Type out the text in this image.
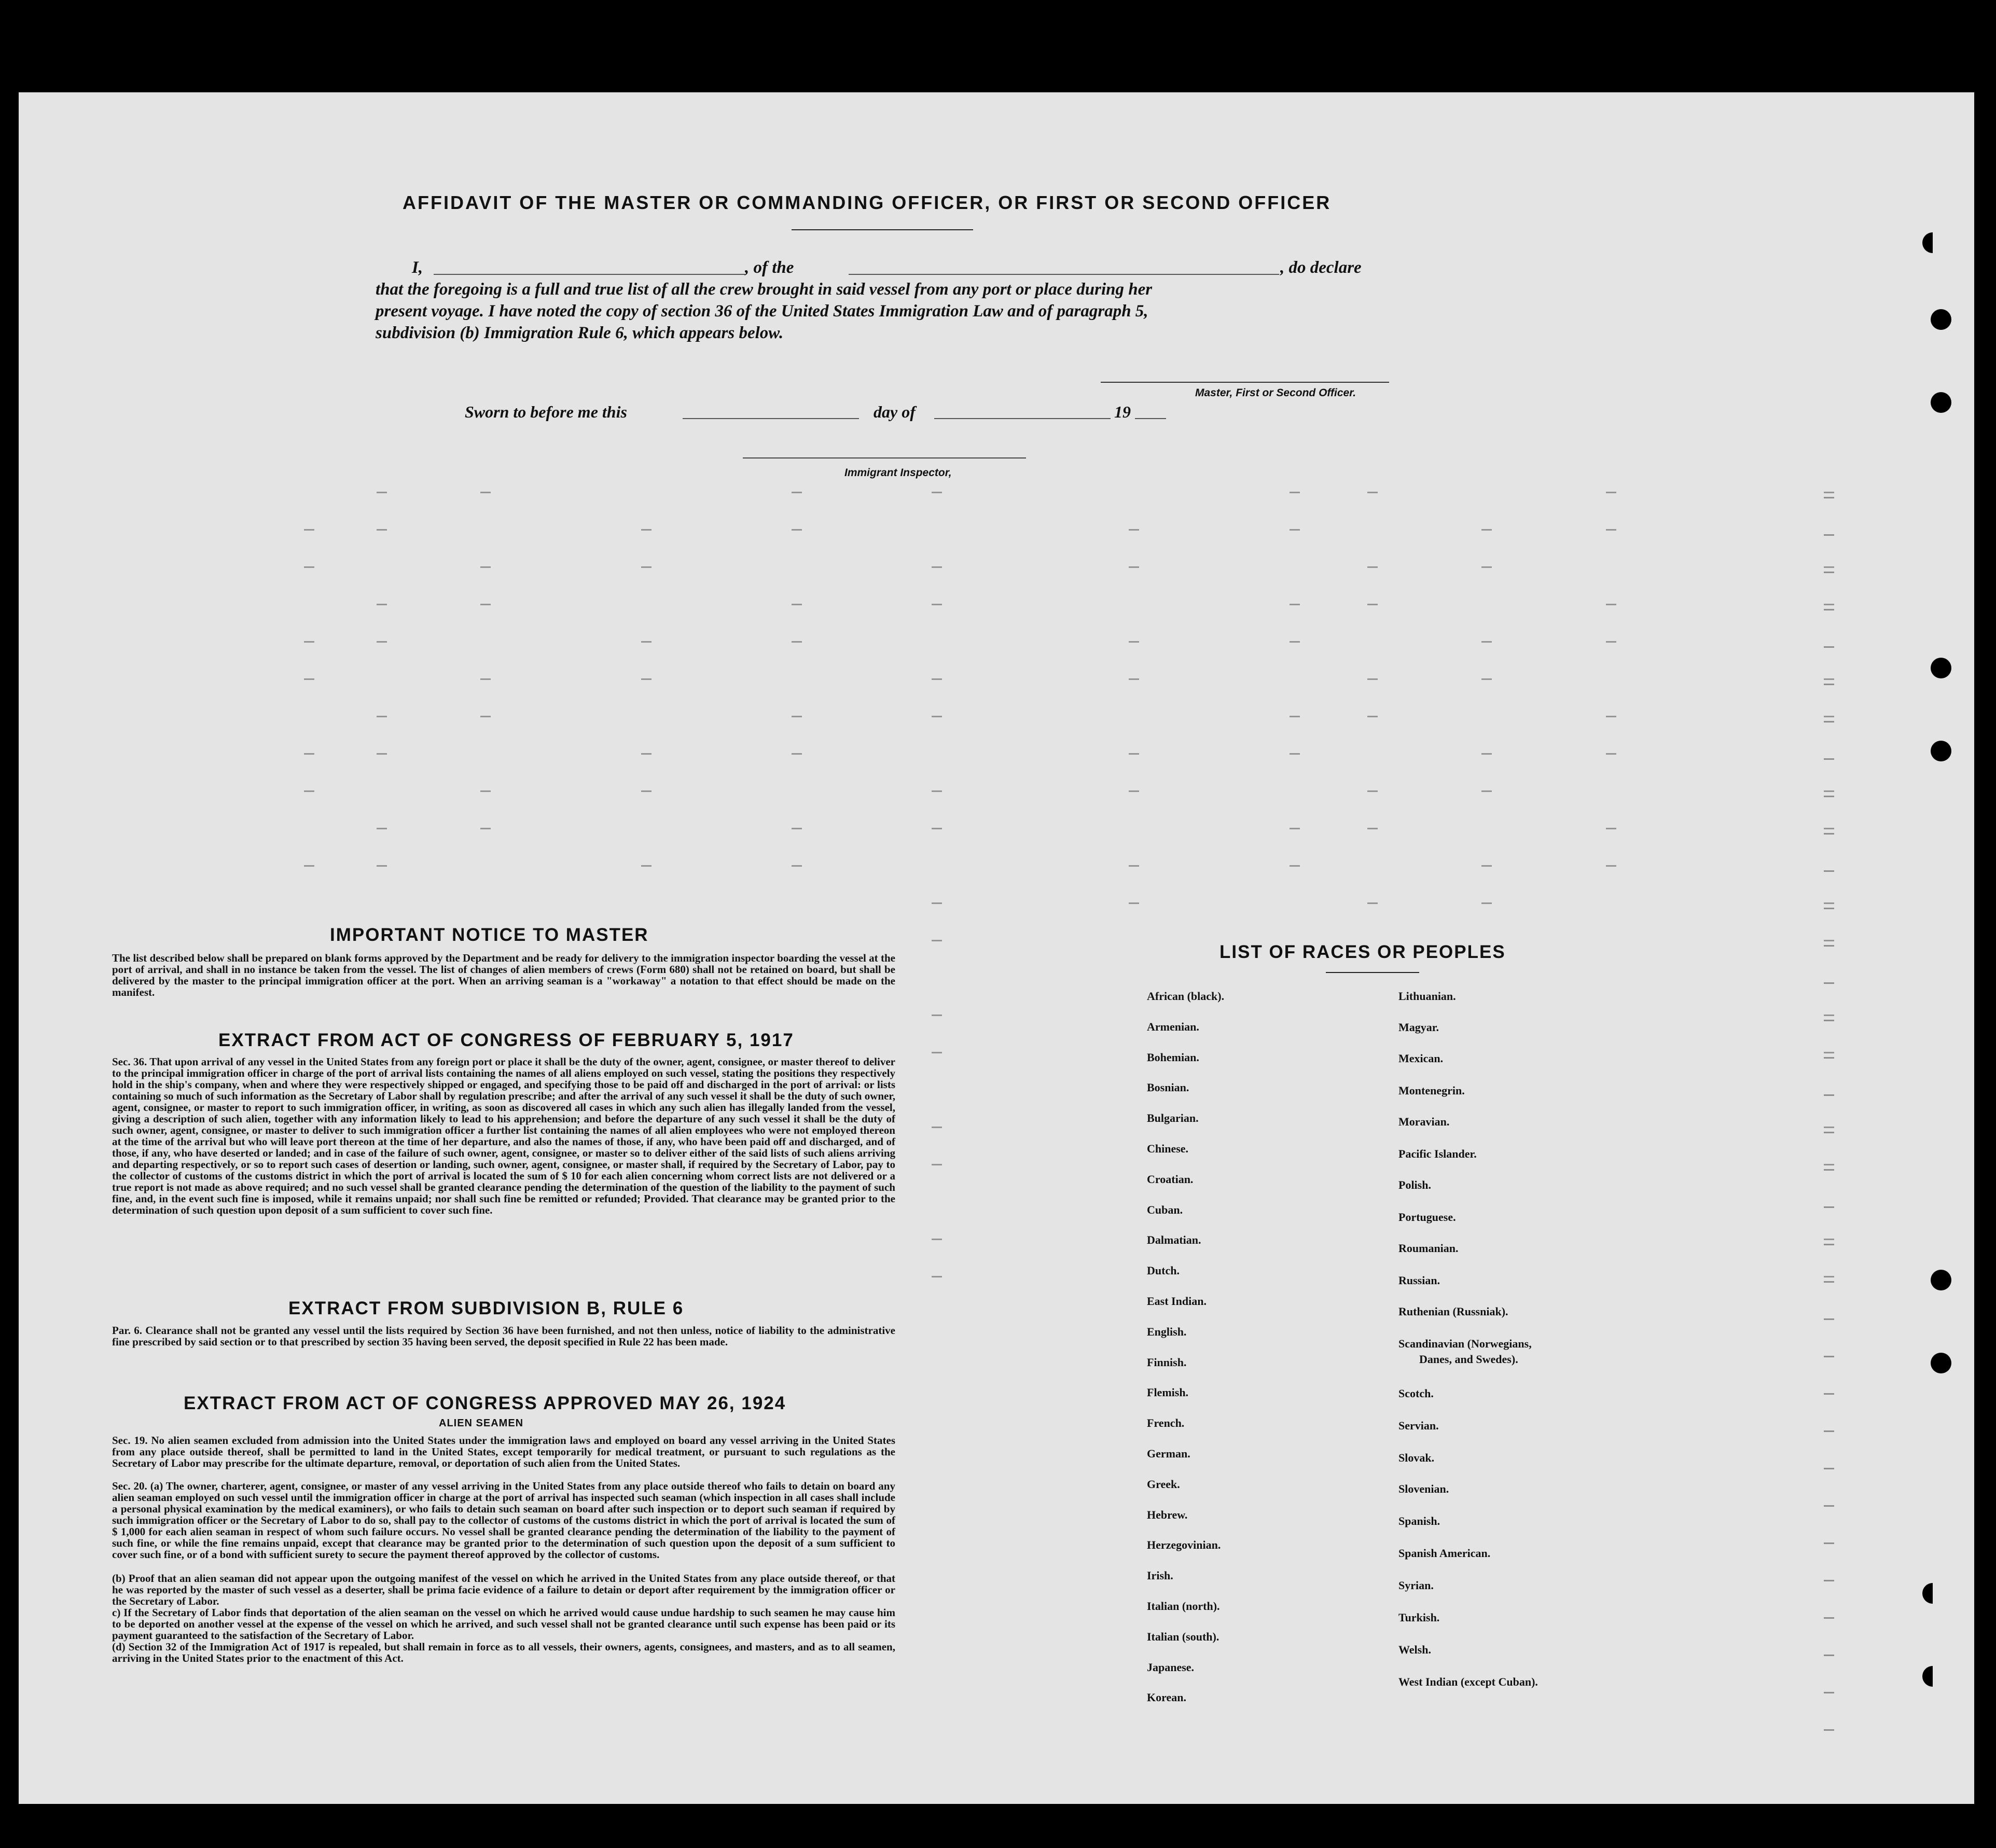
AFFIDAVIT OF THE MASTER OR COMMANDING OFFICER, OR FIRST OR SECOND OFFICER
I,	, of the	, do declare
that the foregoing is a full and true list of all the crew brought in said vessel from any port or place during her
present voyage. I have noted the copy of section 36 of the United States Immigration Law and of paragraph 5,
subdivision (b) Immigration Rule 6, which appears below.
Master, First or Second Officer.
Sworn to before me this	day of	19
Immigrant Inspector,
IMPORTANT NOTICE TO MASTER
The list described below shall be prepared on blank forms approved by the Department and be ready for delivery to the immigration inspector boarding the vessel at the port of arrival, and shall in no instance be taken from the vessel. The list of changes of alien members of crews (Form 680) shall not be retained on board, but shall be delivered by the master to the principal immigration officer at the port. When an arriving seaman is a "workaway" a notation to that effect should be made on the manifest.
EXTRACT FROM ACT OF CONGRESS OF FEBRUARY 5, 1917
Sec. 36. That upon arrival of any vessel in the United States from any foreign port or place it shall be the duty of the owner, agent, consignee, or master thereof to deliver to the principal immigration officer in charge of the port of arrival lists containing the names of all aliens employed on such vessel, stating the positions they respectively hold in the ship's company, when and where they were respectively shipped or engaged, and specifying those to be paid off and discharged in the port of arrival: or lists containing so much of such information as the Secretary of Labor shall by regulation prescribe; and after the arrival of any such vessel it shall be the duty of such owner, agent, consignee, or master to report to such immigration officer, in writing, as soon as discovered all cases in which any such alien has illegally landed from the vessel, giving a description of such alien, together with any information likely to lead to his apprehension; and before the departure of any such vessel it shall be the duty of such owner, agent, consignee, or master to deliver to such immigration officer a further list containing the names of all alien employees who were not employed thereon at the time of the arrival but who will leave port thereon at the time of her departure, and also the names of those, if any, who have been paid off and discharged, and of those, if any, who have deserted or landed; and in case of the failure of such owner, agent, consignee, or master so to deliver either of the said lists of such aliens arriving and departing respectively, or so to report such cases of desertion or landing, such owner, agent, consignee, or master shall, if required by the Secretary of Labor, pay to the collector of customs of the customs district in which the port of arrival is located the sum of $ 10 for each alien concerning whom correct lists are not delivered or a true report is not made as above required; and no such vessel shall be granted clearance pending the determination of the question of the liability to the payment of such fine, and, in the event such fine is imposed, while it remains unpaid; nor shall such fine be remitted or refunded; Provided. That clearance may be granted prior to the determination of such question upon deposit of a sum sufficient to cover such fine.
EXTRACT FROM SUBDIVISION B, RULE 6
Par. 6. Clearance shall not be granted any vessel until the lists required by Section 36 have been furnished, and not then unless, notice of liability to the administrative fine prescribed by said section or to that prescribed by section 35 having been served, the deposit specified in Rule 22 has been made.
EXTRACT FROM ACT OF CONGRESS APPROVED MAY 26, 1924
ALIEN SEAMEN
Sec. 19. No alien seamen excluded from admission into the United States under the immigration laws and employed on board any vessel arriving in the United States from any place outside thereof, shall be permitted to land in the United States, except temporarily for medical treatment, or pursuant to such regulations as the Secretary of Labor may prescribe for the ultimate departure, removal, or deportation of such alien from the United States.
Sec. 20. (a) The owner, charterer, agent, consignee, or master of any vessel arriving in the United States from any place outside thereof who fails to detain on board any alien seaman employed on such vessel until the immigration officer in charge at the port of arrival has inspected such seaman (which inspection in all cases shall include a personal physical examination by the medical examiners), or who fails to detain such seaman on board after such inspection or to deport such seaman if required by such immigration officer or the Secretary of Labor to do so, shall pay to the collector of customs of the customs district in which the port of arrival is located the sum of $ 1,000 for each alien seaman in respect of whom such failure occurs. No vessel shall be granted clearance pending the determination of the liability to the payment of such fine, or while the fine remains unpaid, except that clearance may be granted prior to the determination of such question upon the deposit of a sum sufficient to cover such fine, or of a bond with sufficient surety to secure the payment thereof approved by the collector of customs.
(b) Proof that an alien seaman did not appear upon the outgoing manifest of the vessel on which he arrived in the United States from any place outside thereof, or that he was reported by the master of such vessel as a deserter, shall be prima facie evidence of a failure to detain or deport after requirement by the immigration officer or the Secretary of Labor.
c) If the Secretary of Labor finds that deportation of the alien seaman on the vessel on which he arrived would cause undue hardship to such seamen he may cause him to be deported on another vessel at the expense of the vessel on which he arrived, and such vessel shall not be granted clearance until such expense has been paid or its payment guaranteed to the satisfaction of the Secretary of Labor.
(d) Section 32 of the Immigration Act of 1917 is repealed, but shall remain in force as to all vessels, their owners, agents, consignees, and masters, and as to all seamen, arriving in the United States prior to the enactment of this Act.
LIST OF RACES OR PEOPLES
African (black).
Armenian.
Bohemian.
Bosnian.
Bulgarian.
Chinese.
Croatian.
Cuban.
Dalmatian.
Dutch.
East Indian.
English.
Finnish.
Flemish.
French.
German.
Greek.
Hebrew.
Herzegovinian.
Irish.
Italian (north).
Italian (south).
Japanese.
Korean.
Lithuanian.
Magyar.
Mexican.
Montenegrin.
Moravian.
Pacific Islander.
Polish.
Portuguese.
Roumanian.
Russian.
Ruthenian (Russniak).
Scandinavian (Norwegians,
Danes, and Swedes).
Scotch.
Servian.
Slovak.
Slovenian.
Spanish.
Spanish American.
Syrian.
Turkish.
Welsh.
West Indian (except Cuban).
